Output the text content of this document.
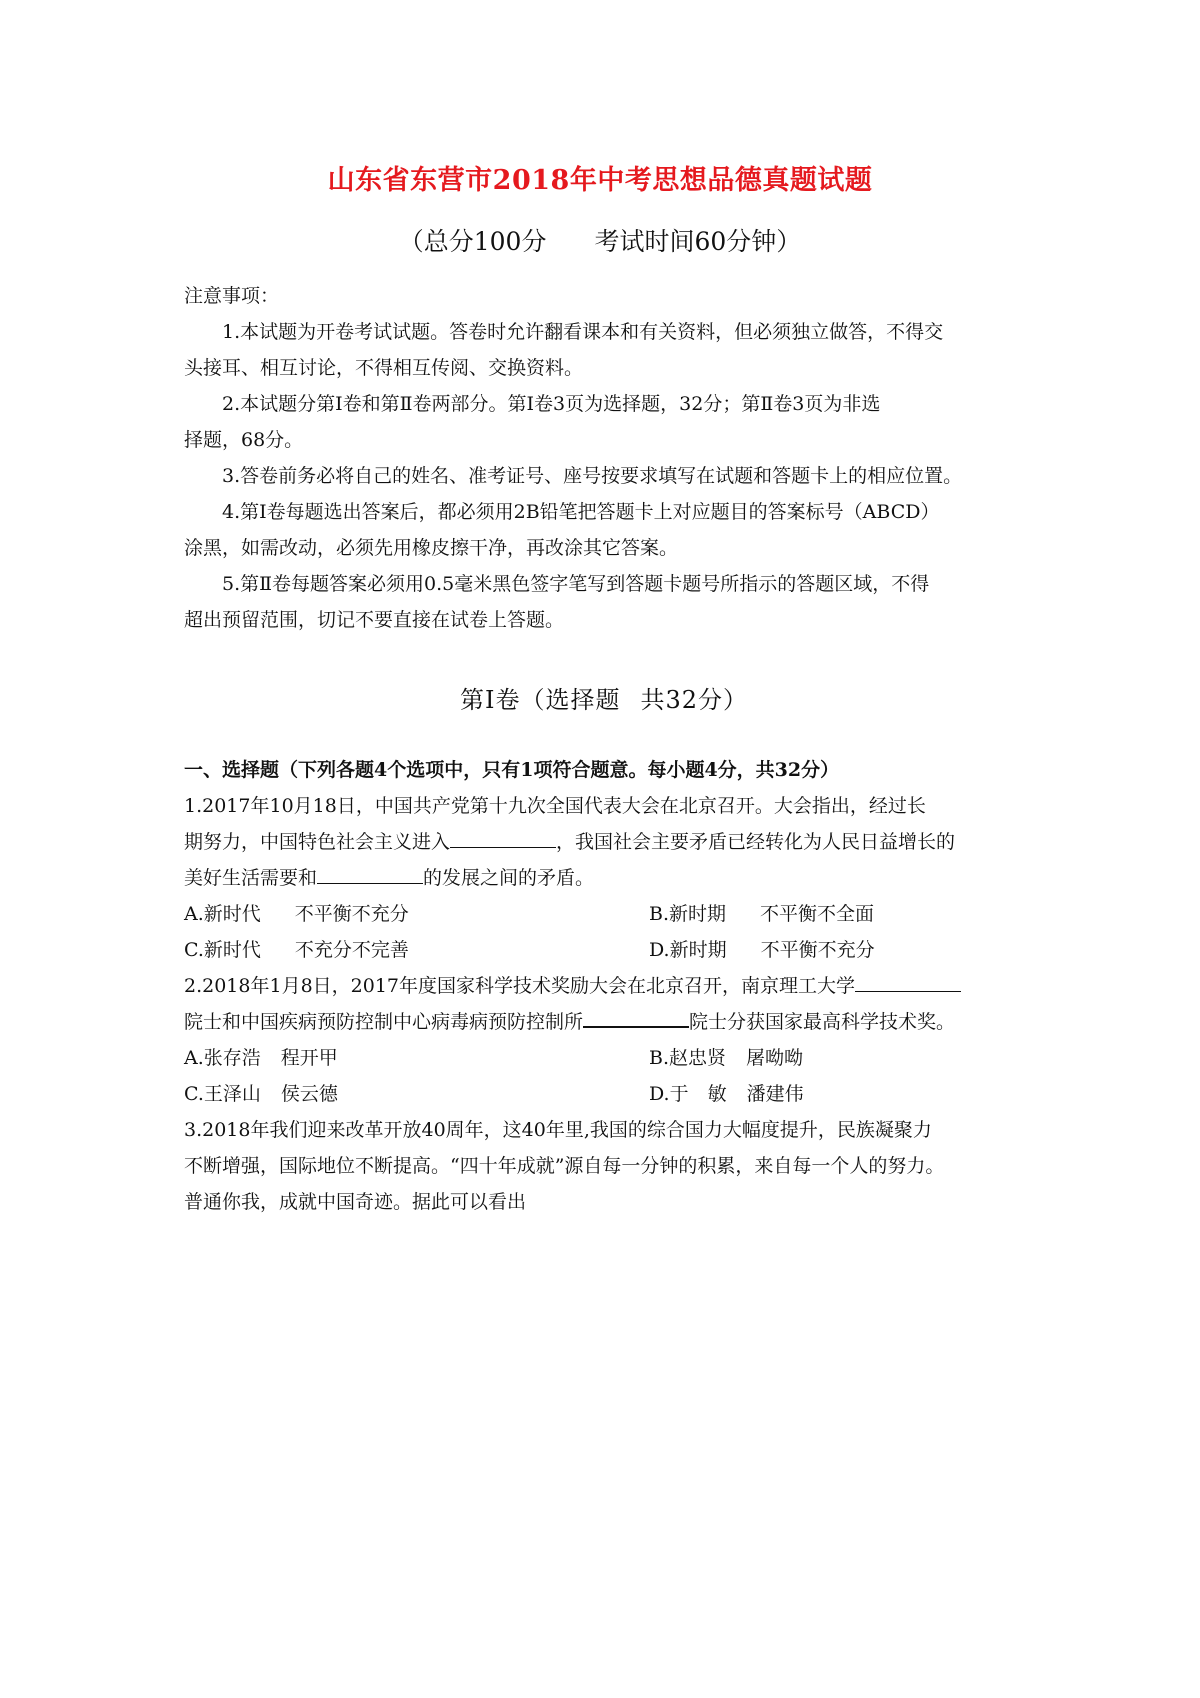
山东省东营市2018年中考思想品德真题试题
（总分100分 考试时间60分钟）
注意事项：
1.本试题为开卷考试试题。答卷时允许翻看课本和有关资料，但必须独立做答，不得交
头接耳、相互讨论，不得相互传阅、交换资料。
2.本试题分第Ⅰ卷和第Ⅱ卷两部分。第Ⅰ卷3页为选择题，32分；第Ⅱ卷3页为非选
择题，68分。
3.答卷前务必将自己的姓名、准考证号、座号按要求填写在试题和答题卡上的相应位置。
4.第Ⅰ卷每题选出答案后，都必须用2B铅笔把答题卡上对应题目的答案标号（ABCD）
涂黑，如需改动，必须先用橡皮擦干净，再改涂其它答案。
5.第Ⅱ卷每题答案必须用0.5毫米黑色签字笔写到答题卡题号所指示的答题区域，不得
超出预留范围，切记不要直接在试卷上答题。
第Ⅰ卷（选择题 共32分）
一、选择题（下列各题4个选项中，只有1项符合题意。每小题4分，共32分）
1.2017年10月18日，中国共产党第十九次全国代表大会在北京召开。大会指出，经过长
期努力，中国特色社会主义进入	，我国社会主要矛盾已经转化为人民日益增长的
美好生活需要和	的发展之间的矛盾。
A.新时代 不平衡不充分	B.新时期 不平衡不全面
C.新时代 不充分不完善	D.新时期 不平衡不充分
2.2018年1月8日，2017年度国家科学技术奖励大会在北京召开，南京理工大学
院士和中国疾病预防控制中心病毒病预防控制所	院士分获国家最高科学技术奖。
A.张存浩 程开甲	B.赵忠贤 屠呦呦
C.王泽山 侯云德	D.于　敏 潘建伟
3.2018年我们迎来改革开放40周年，这40年里,我国的综合国力大幅度提升，民族凝聚力
不断增强，国际地位不断提高。“四十年成就”源自每一分钟的积累，来自每一个人的努力。
普通你我，成就中国奇迹。据此可以看出
